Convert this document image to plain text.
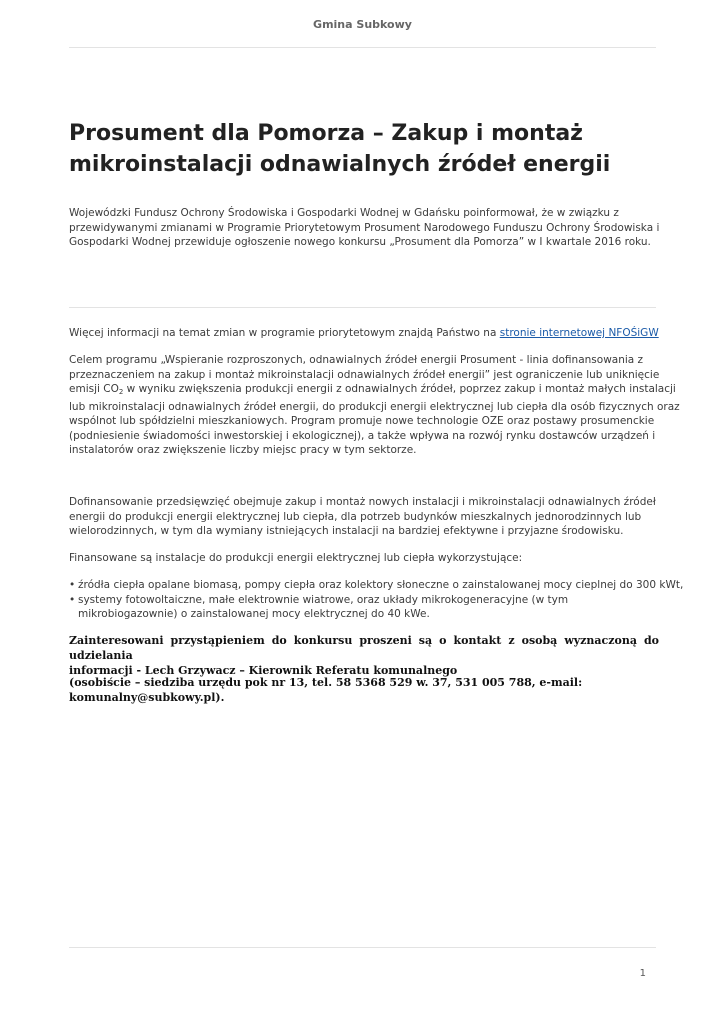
Gmina Subkowy
Prosument dla Pomorza – Zakup i montaż mikroinstalacji odnawialnych źródeł energii

Wojewódzki Fundusz Ochrony Środowiska i Gospodarki Wodnej w Gdańsku poinformował, że w związku z

przewidywanymi zmianami w Programie Priorytetowym Prosument Narodowego Funduszu Ochrony Środowiska i

Gospodarki Wodnej przewiduje ogłoszenie nowego konkursu „Prosument dla Pomorza” w I kwartale 2016 roku.

Więcej informacji na temat zmian w programie priorytetowym znajdą Państwo na stronie internetowej NFOŚiGW

Celem programu „Wspieranie rozproszonych, odnawialnych źródeł energii Prosument - linia dofinansowania z

przeznaczeniem na zakup i montaż mikroinstalacji odnawialnych źródeł energii” jest ograniczenie lub uniknięcie

emisji $CO_2$ w wyniku zwiększenia produkcji energii z odnawialnych źródeł, poprzez zakup i montaż małych instalacji

lub mikroinstalacji odnawialnych źródeł energii, do produkcji energii elektrycznej lub ciepła dla osób fizycznych oraz

wspólnot lub spółdzielni mieszkaniowych. Program promuje nowe technologie OZE oraz postawy prosumenckie

(podniesienie świadomości inwestorskiej i ekologicznej), a także wpływa na rozwój rynku dostawców urządzeń i

instalatorów oraz zwiększenie liczby miejsc pracy w tym sektorze.

Dofinansowanie przedsięwzięć obejmuje zakup i montaż nowych instalacji i mikroinstalacji odnawialnych źródeł

energii do produkcji energii elektrycznej lub ciepła, dla potrzeb budynków mieszkalnych jednorodzinnych lub

wielorodzinnych, w tym dla wymiany istniejących instalacji na bardziej efektywne i przyjazne środowisku.

Finansowane są instalacje do produkcji energii elektrycznej lub ciepła wykorzystujące:

• źródła ciepła opalane biomasą, pompy ciepła oraz kolektory słoneczne o zainstalowanej mocy cieplnej do 300 kWt,
• systemy fotowoltaiczne, małe elektrownie wiatrowe, oraz układy mikrokogeneracyjne (w tym mikrobiogazownie) o zainstalowanej mocy elektrycznej do 40 kWe.

Zainteresowani przystąpieniem do konkursu proszeni są o kontakt z osobą wyznaczoną do udzielania

informacji - Lech Grzywacz – Kierownik Referatu komunalnego

(osobiście – siedziba urzędu pok nr 13, tel. 58 5368 529 w. 37, 531 005 788, e-mail:

komunalny@subkowy.pl).

1
